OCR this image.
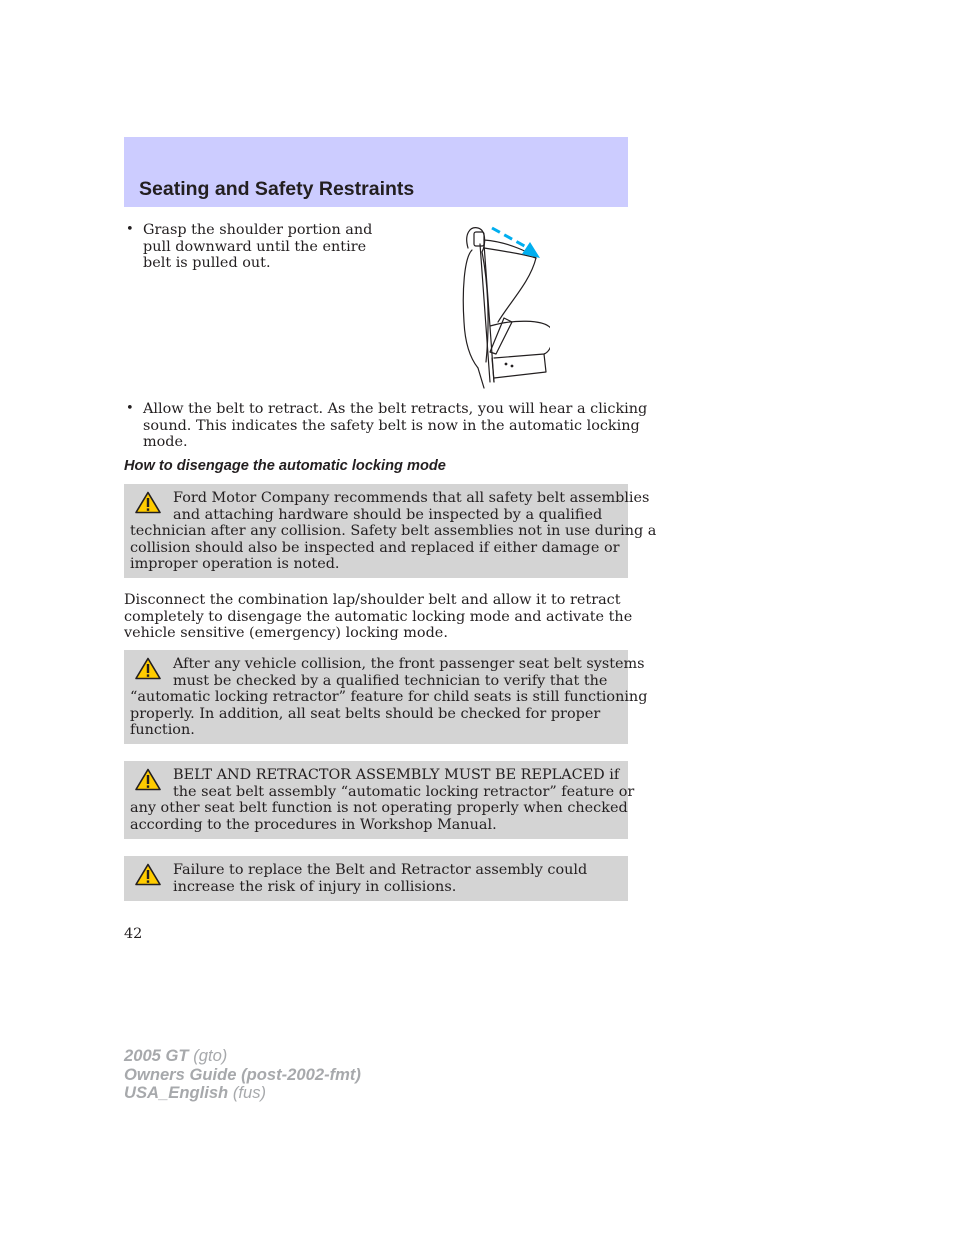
Seating and Safety Restraints
• Grasp the shoulder portion and
pull downward until the entire
belt is pulled out.
• Allow the belt to retract. As the belt retracts, you will hear a clicking
sound. This indicates the safety belt is now in the automatic locking
mode.
How to disengage the automatic locking mode
Ford Motor Company recommends that all safety belt assemblies
and attaching hardware should be inspected by a qualified
technician after any collision. Safety belt assemblies not in use during a
collision should also be inspected and replaced if either damage or
improper operation is noted.
Disconnect the combination lap/shoulder belt and allow it to retract
completely to disengage the automatic locking mode and activate the
vehicle sensitive (emergency) locking mode.
After any vehicle collision, the front passenger seat belt systems
must be checked by a qualified technician to verify that the
“automatic locking retractor” feature for child seats is still functioning
properly. In addition, all seat belts should be checked for proper
function.
BELT AND RETRACTOR ASSEMBLY MUST BE REPLACED if
the seat belt assembly “automatic locking retractor” feature or
any other seat belt function is not operating properly when checked
according to the procedures in Workshop Manual.
Failure to replace the Belt and Retractor assembly could
increase the risk of injury in collisions.
42
2005 GT (gto)
Owners Guide (post-2002-fmt)
USA_English (fus)
